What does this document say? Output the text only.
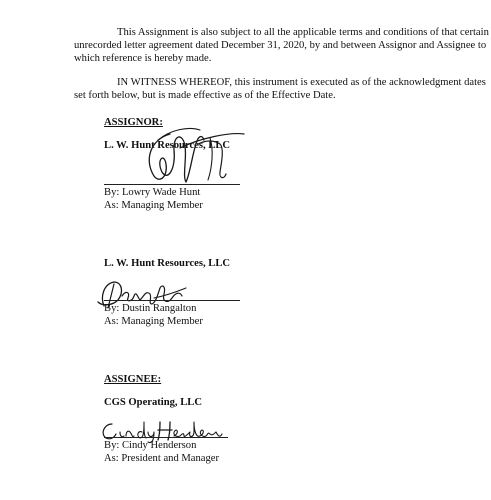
This Assignment is also subject to all the applicable terms and conditions of that certain

unrecorded letter agreement dated December 31, 2020, by and between Assignor and Assignee to

which reference is hereby made.

IN WITNESS WHEREOF, this instrument is executed as of the acknowledgment dates

set forth below, but is made effective as of the Effective Date.

ASSIGNOR:
L. W. Hunt Resources, LLC
By: Lowry Wade Hunt
As: Managing Member
L. W. Hunt Resources, LLC
By: Dustin Rangalton
As: Managing Member
ASSIGNEE:
CGS Operating, LLC
By: Cindy Henderson
As: President and Manager
